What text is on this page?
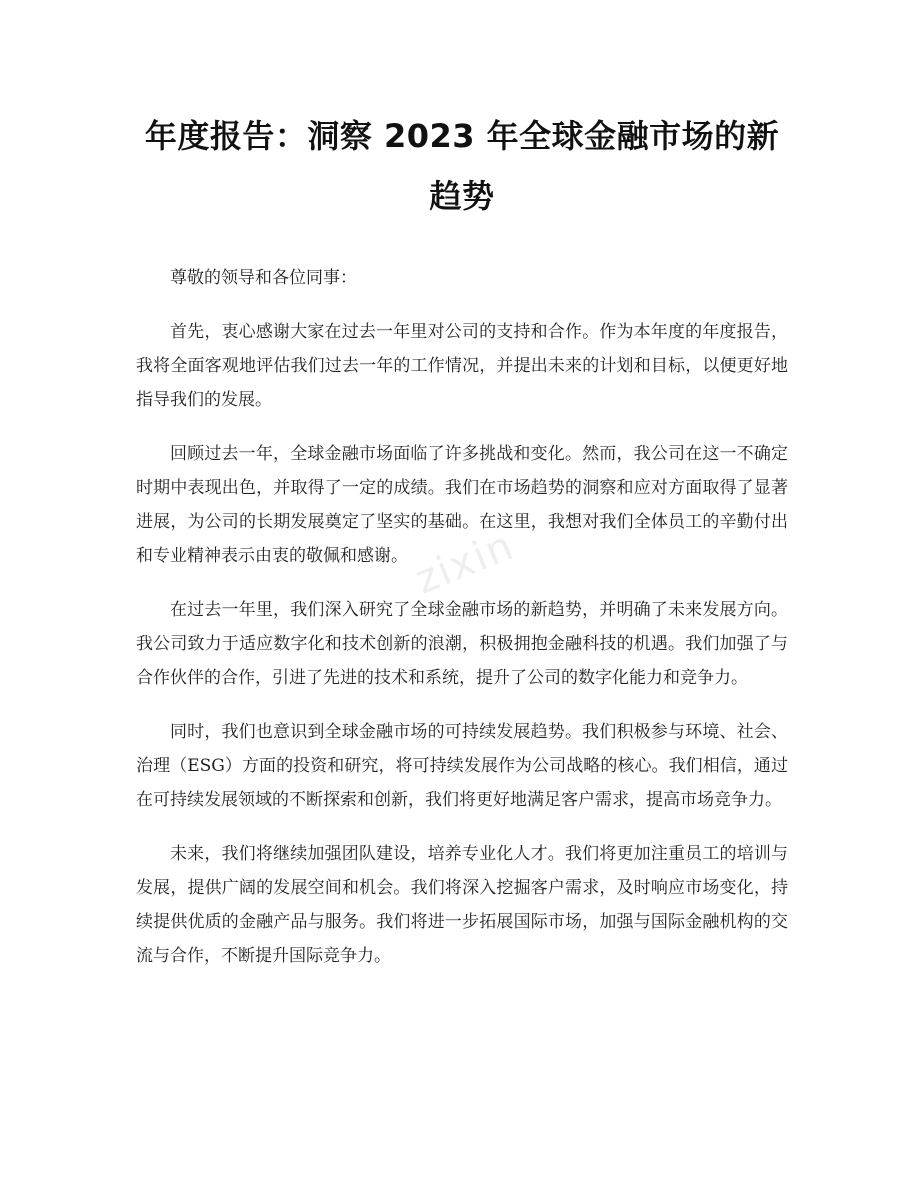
年度报告：洞察 2023 年全球金融市场的新趋势

尊敬的领导和各位同事：

首先，衷心感谢大家在过去一年里对公司的支持和合作。作为本年度的年度报告，我将全面客观地评估我们过去一年的工作情况，并提出未来的计划和目标，以便更好地指导我们的发展。

回顾过去一年，全球金融市场面临了许多挑战和变化。然而，我公司在这一不确定时期中表现出色，并取得了一定的成绩。我们在市场趋势的洞察和应对方面取得了显著进展，为公司的长期发展奠定了坚实的基础。在这里，我想对我们全体员工的辛勤付出和专业精神表示由衷的敬佩和感谢。

在过去一年里，我们深入研究了全球金融市场的新趋势，并明确了未来发展方向。我公司致力于适应数字化和技术创新的浪潮，积极拥抱金融科技的机遇。我们加强了与合作伙伴的合作，引进了先进的技术和系统，提升了公司的数字化能力和竞争力。

同时，我们也意识到全球金融市场的可持续发展趋势。我们积极参与环境、社会、治理（ESG）方面的投资和研究，将可持续发展作为公司战略的核心。我们相信，通过在可持续发展领域的不断探索和创新，我们将更好地满足客户需求，提高市场竞争力。

未来，我们将继续加强团队建设，培养专业化人才。我们将更加注重员工的培训与发展，提供广阔的发展空间和机会。我们将深入挖掘客户需求，及时响应市场变化，持续提供优质的金融产品与服务。我们将进一步拓展国际市场，加强与国际金融机构的交流与合作，不断提升国际竞争力。

zixin
